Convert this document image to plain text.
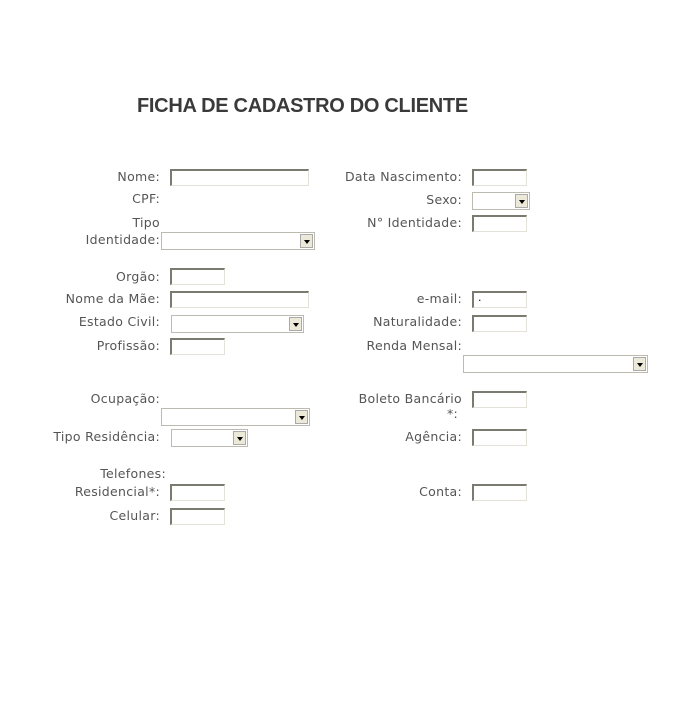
FICHA DE CADASTRO DO CLIENTE
Nome:
CPF:
Tipo
Identidade:
Orgão:
Nome da Mãe:
Estado Civil:
Profissão:
Ocupação:
Tipo Residência:
Telefones:
Residencial*:
Celular:
Data Nascimento:
Sexo:
N° Identidade:
e-mail:	.
Naturalidade:
Renda Mensal:
Boleto Bancário
*:
Agência:
Conta:
